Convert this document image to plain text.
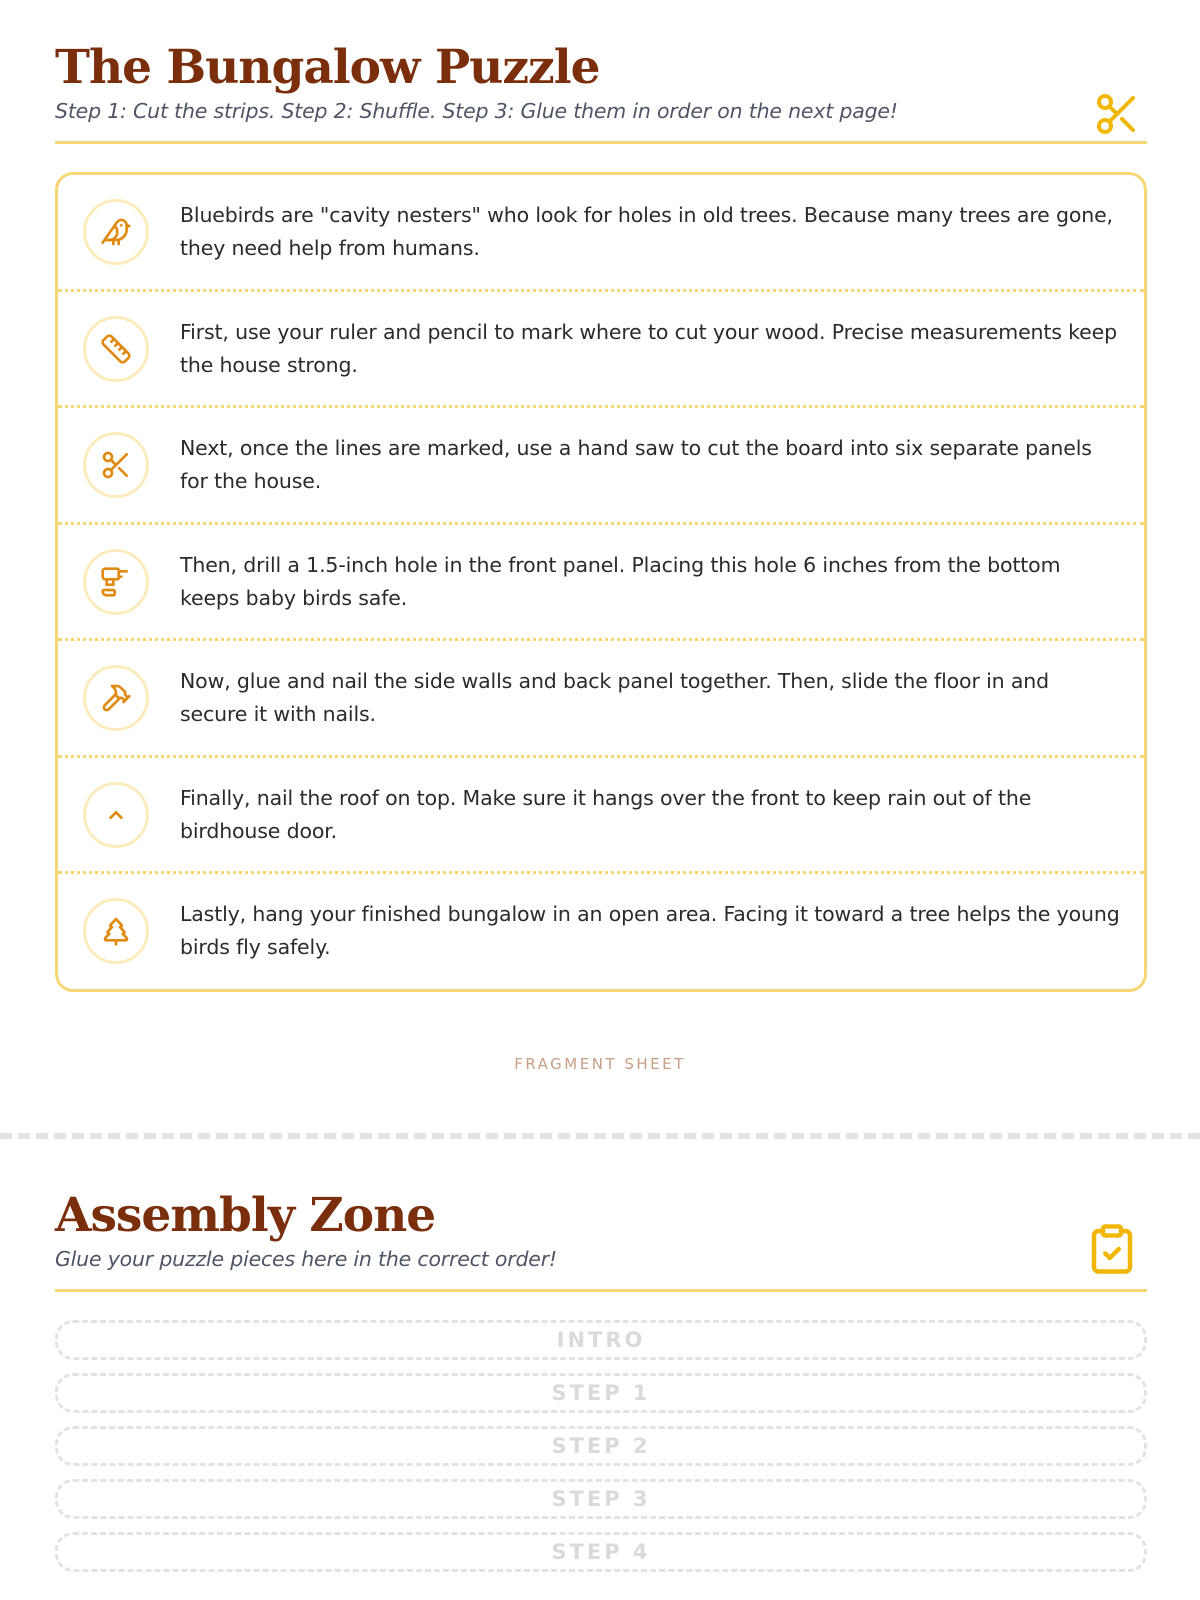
The Bungalow Puzzle

Step 1: Cut the strips. Step 2: Shuffle. Step 3: Glue them in order on the next page!

Bluebirds are "cavity nesters" who look for holes in old trees. Because many trees are gone, they need help from humans.

First, use your ruler and pencil to mark where to cut your wood. Precise measurements keep the house strong.

Next, once the lines are marked, use a hand saw to cut the board into six separate panels for the house.

Then, drill a 1.5-inch hole in the front panel. Placing this hole 6 inches from the bottom keeps baby birds safe.

Now, glue and nail the side walls and back panel together. Then, slide the floor in and secure it with nails.

Finally, nail the roof on top. Make sure it hangs over the front to keep rain out of the birdhouse door.

Lastly, hang your finished bungalow in an open area. Facing it toward a tree helps the young birds fly safely.

FRAGMENT SHEET
Assembly Zone

Glue your puzzle pieces here in the correct order!

INTRO
STEP 1
STEP 2
STEP 3
STEP 4
